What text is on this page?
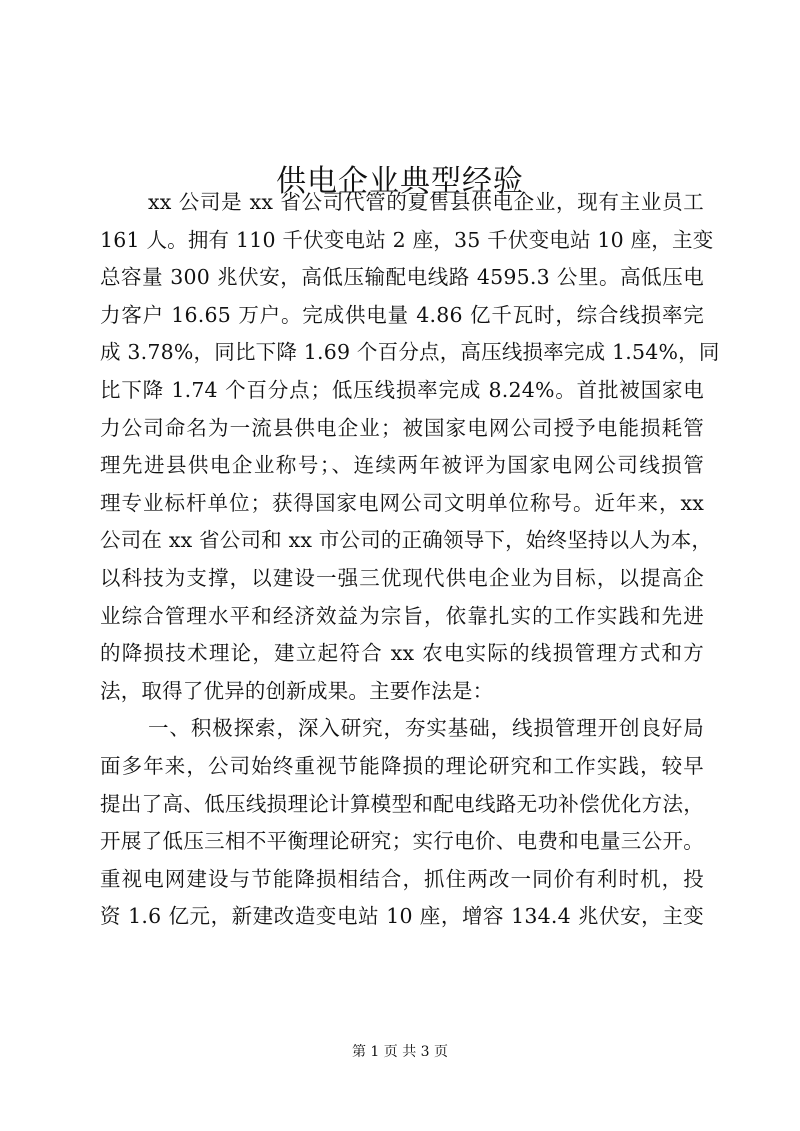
供电企业典型经验
xx 公司是 xx 省公司代管的夏售县供电企业，现有主业员工
161 人。拥有 110 千伏变电站 2 座，35 千伏变电站 10 座，主变
总容量 300 兆伏安，高低压输配电线路 4595.3 公里。高低压电
力客户 16.65 万户。完成供电量 4.86 亿千瓦时，综合线损率完
成 3.78%，同比下降 1.69 个百分点，高压线损率完成 1.54%，同
比下降 1.74 个百分点；低压线损率完成 8.24%。首批被国家电
力公司命名为一流县供电企业；被国家电网公司授予电能损耗管
理先进县供电企业称号；、连续两年被评为国家电网公司线损管
理专业标杆单位；获得国家电网公司文明单位称号。近年来，xx
公司在 xx 省公司和 xx 市公司的正确领导下，始终坚持以人为本，
以科技为支撑，以建设一强三优现代供电企业为目标，以提高企
业综合管理水平和经济效益为宗旨，依靠扎实的工作实践和先进
的降损技术理论，建立起符合 xx 农电实际的线损管理方式和方
法，取得了优异的创新成果。主要作法是：
一、积极探索，深入研究，夯实基础，线损管理开创良好局
面多年来，公司始终重视节能降损的理论研究和工作实践，较早
提出了高、低压线损理论计算模型和配电线路无功补偿优化方法，
开展了低压三相不平衡理论研究；实行电价、电费和电量三公开。
重视电网建设与节能降损相结合，抓住两改一同价有利时机，投
资 1.6 亿元，新建改造变电站 10 座，增容 134.4 兆伏安，主变
第 1 页 共 3 页
